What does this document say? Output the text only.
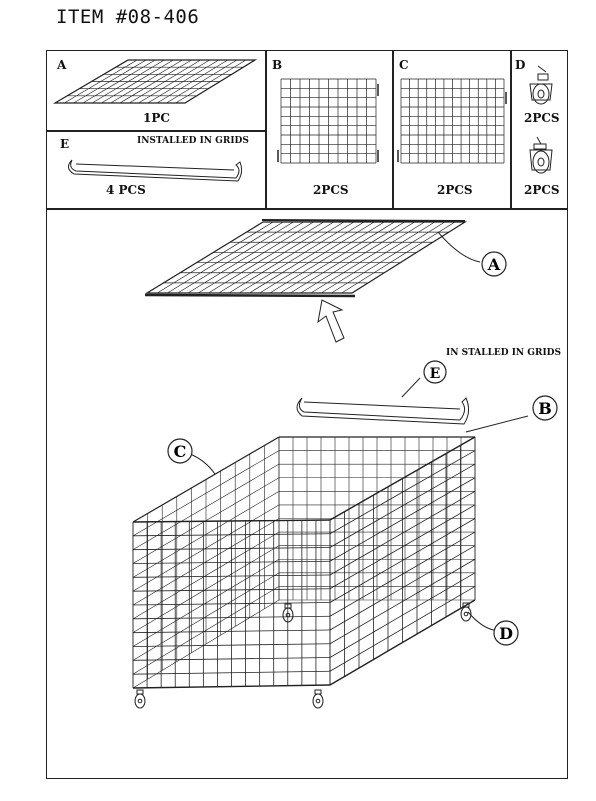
ITEM #08-406
A
1PC
B
2PCS
C
2PCS
D
2PCS
2PCS
E	INSTALLED IN GRIDS
4 PCS
IN STALLED IN GRIDS
A
B
C
D
E
